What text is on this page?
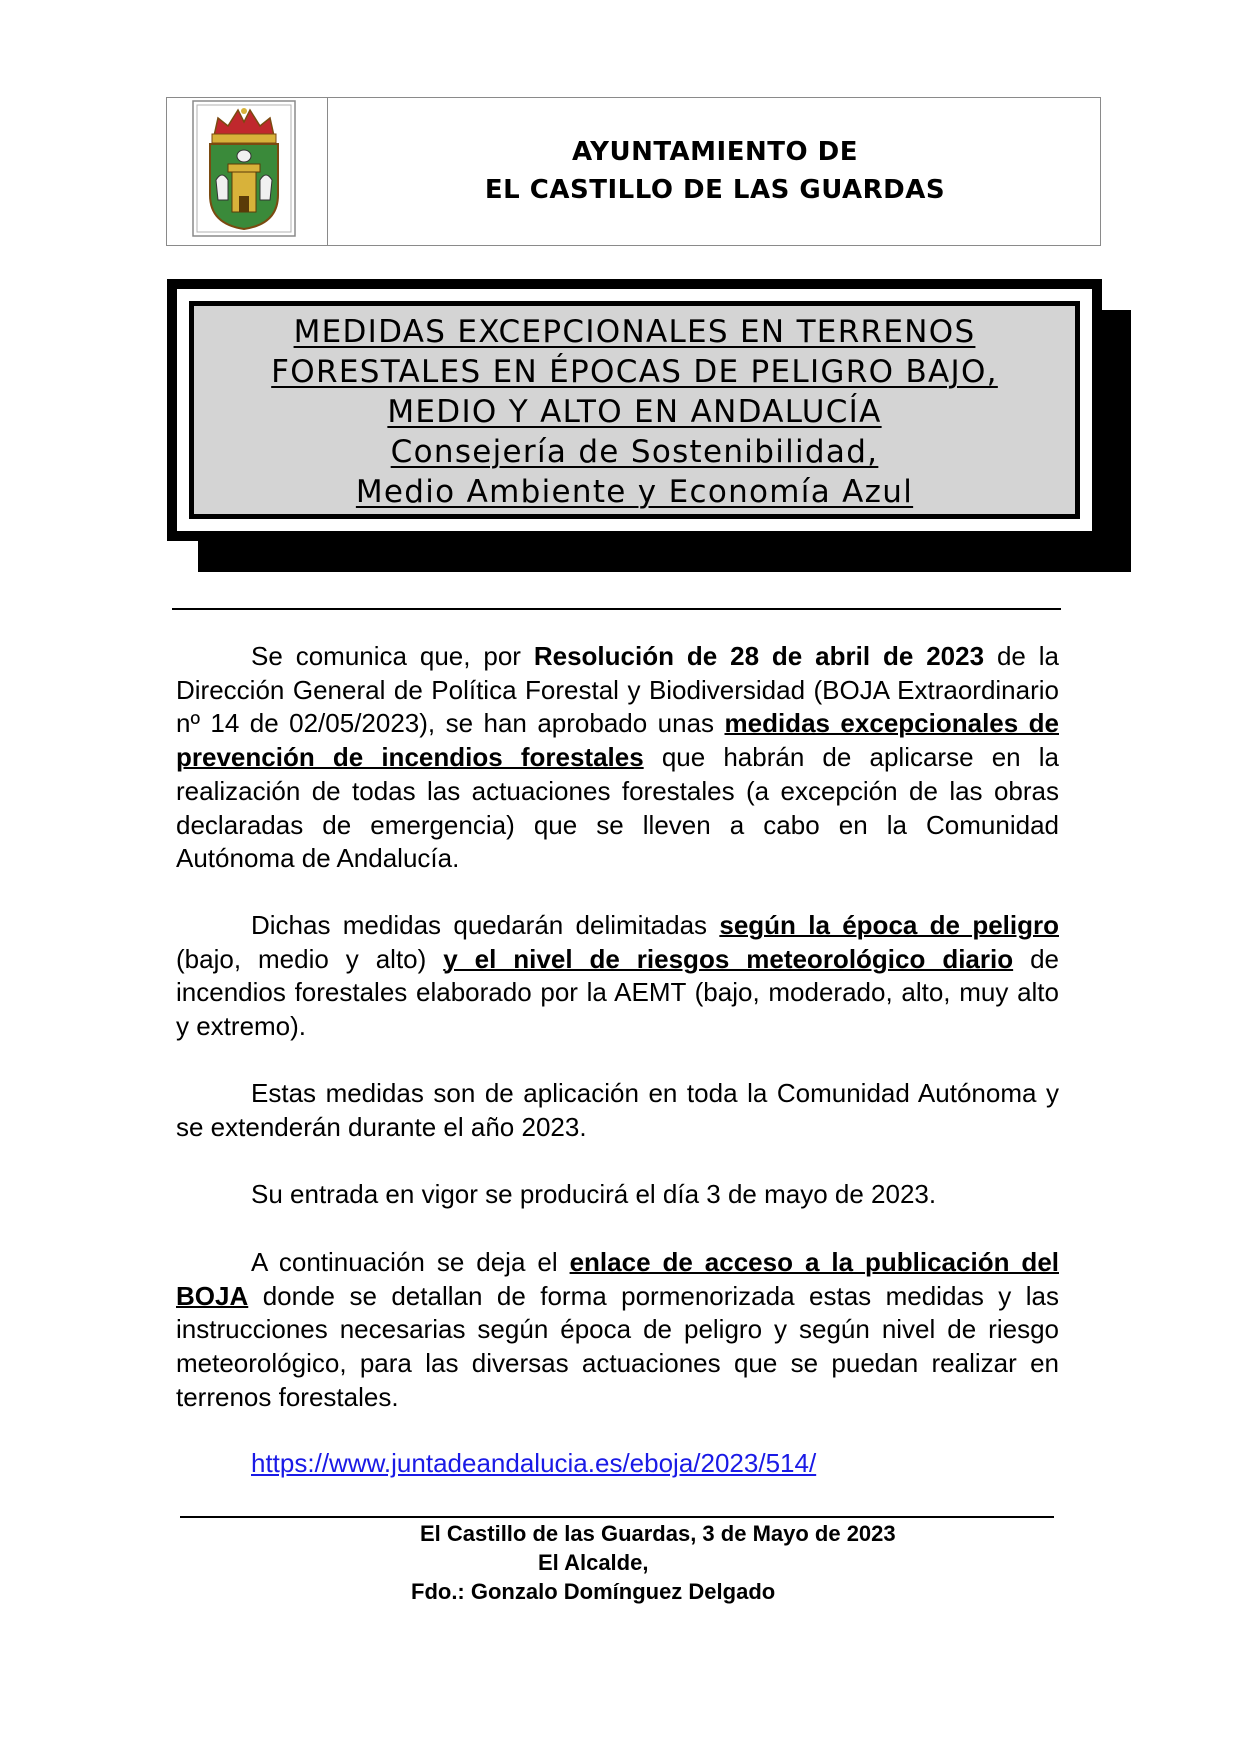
AYUNTAMIENTO DE
EL CASTILLO DE LAS GUARDAS
MEDIDAS EXCEPCIONALES EN TERRENOS
FORESTALES EN ÉPOCAS DE PELIGRO BAJO,
MEDIO Y ALTO EN ANDALUCÍA
Consejería de Sostenibilidad,
Medio Ambiente y Economía Azul

Se comunica que, por Resolución de 28 de abril de 2023 de la Dirección General de Política Forestal y Biodiversidad (BOJA Extraordinario nº 14 de 02/05/2023), se han aprobado unas medidas excepcionales de prevención de incendios forestales que habrán de aplicarse en la realización de todas las actuaciones forestales (a excepción de las obras declaradas de emergencia) que se lleven a cabo en la Comunidad Autónoma de Andalucía.

Dichas medidas quedarán delimitadas según la época de peligro (bajo, medio y alto) y el nivel de riesgos meteorológico diario de incendios forestales elaborado por la AEMT (bajo, moderado, alto, muy alto y extremo).

Estas medidas son de aplicación en toda la Comunidad Autónoma y se extenderán durante el año 2023.

Su entrada en vigor se producirá el día 3 de mayo de 2023.

A continuación se deja el enlace de acceso a la publicación del BOJA donde se detallan de forma pormenorizada estas medidas y las instrucciones necesarias según época de peligro y según nivel de riesgo meteorológico, para las diversas actuaciones que se puedan realizar en terrenos forestales.

https://www.juntadeandalucia.es/eboja/2023/514/

El Castillo de las Guardas, 3 de Mayo de 2023
El Alcalde,
Fdo.: Gonzalo Domínguez Delgado
